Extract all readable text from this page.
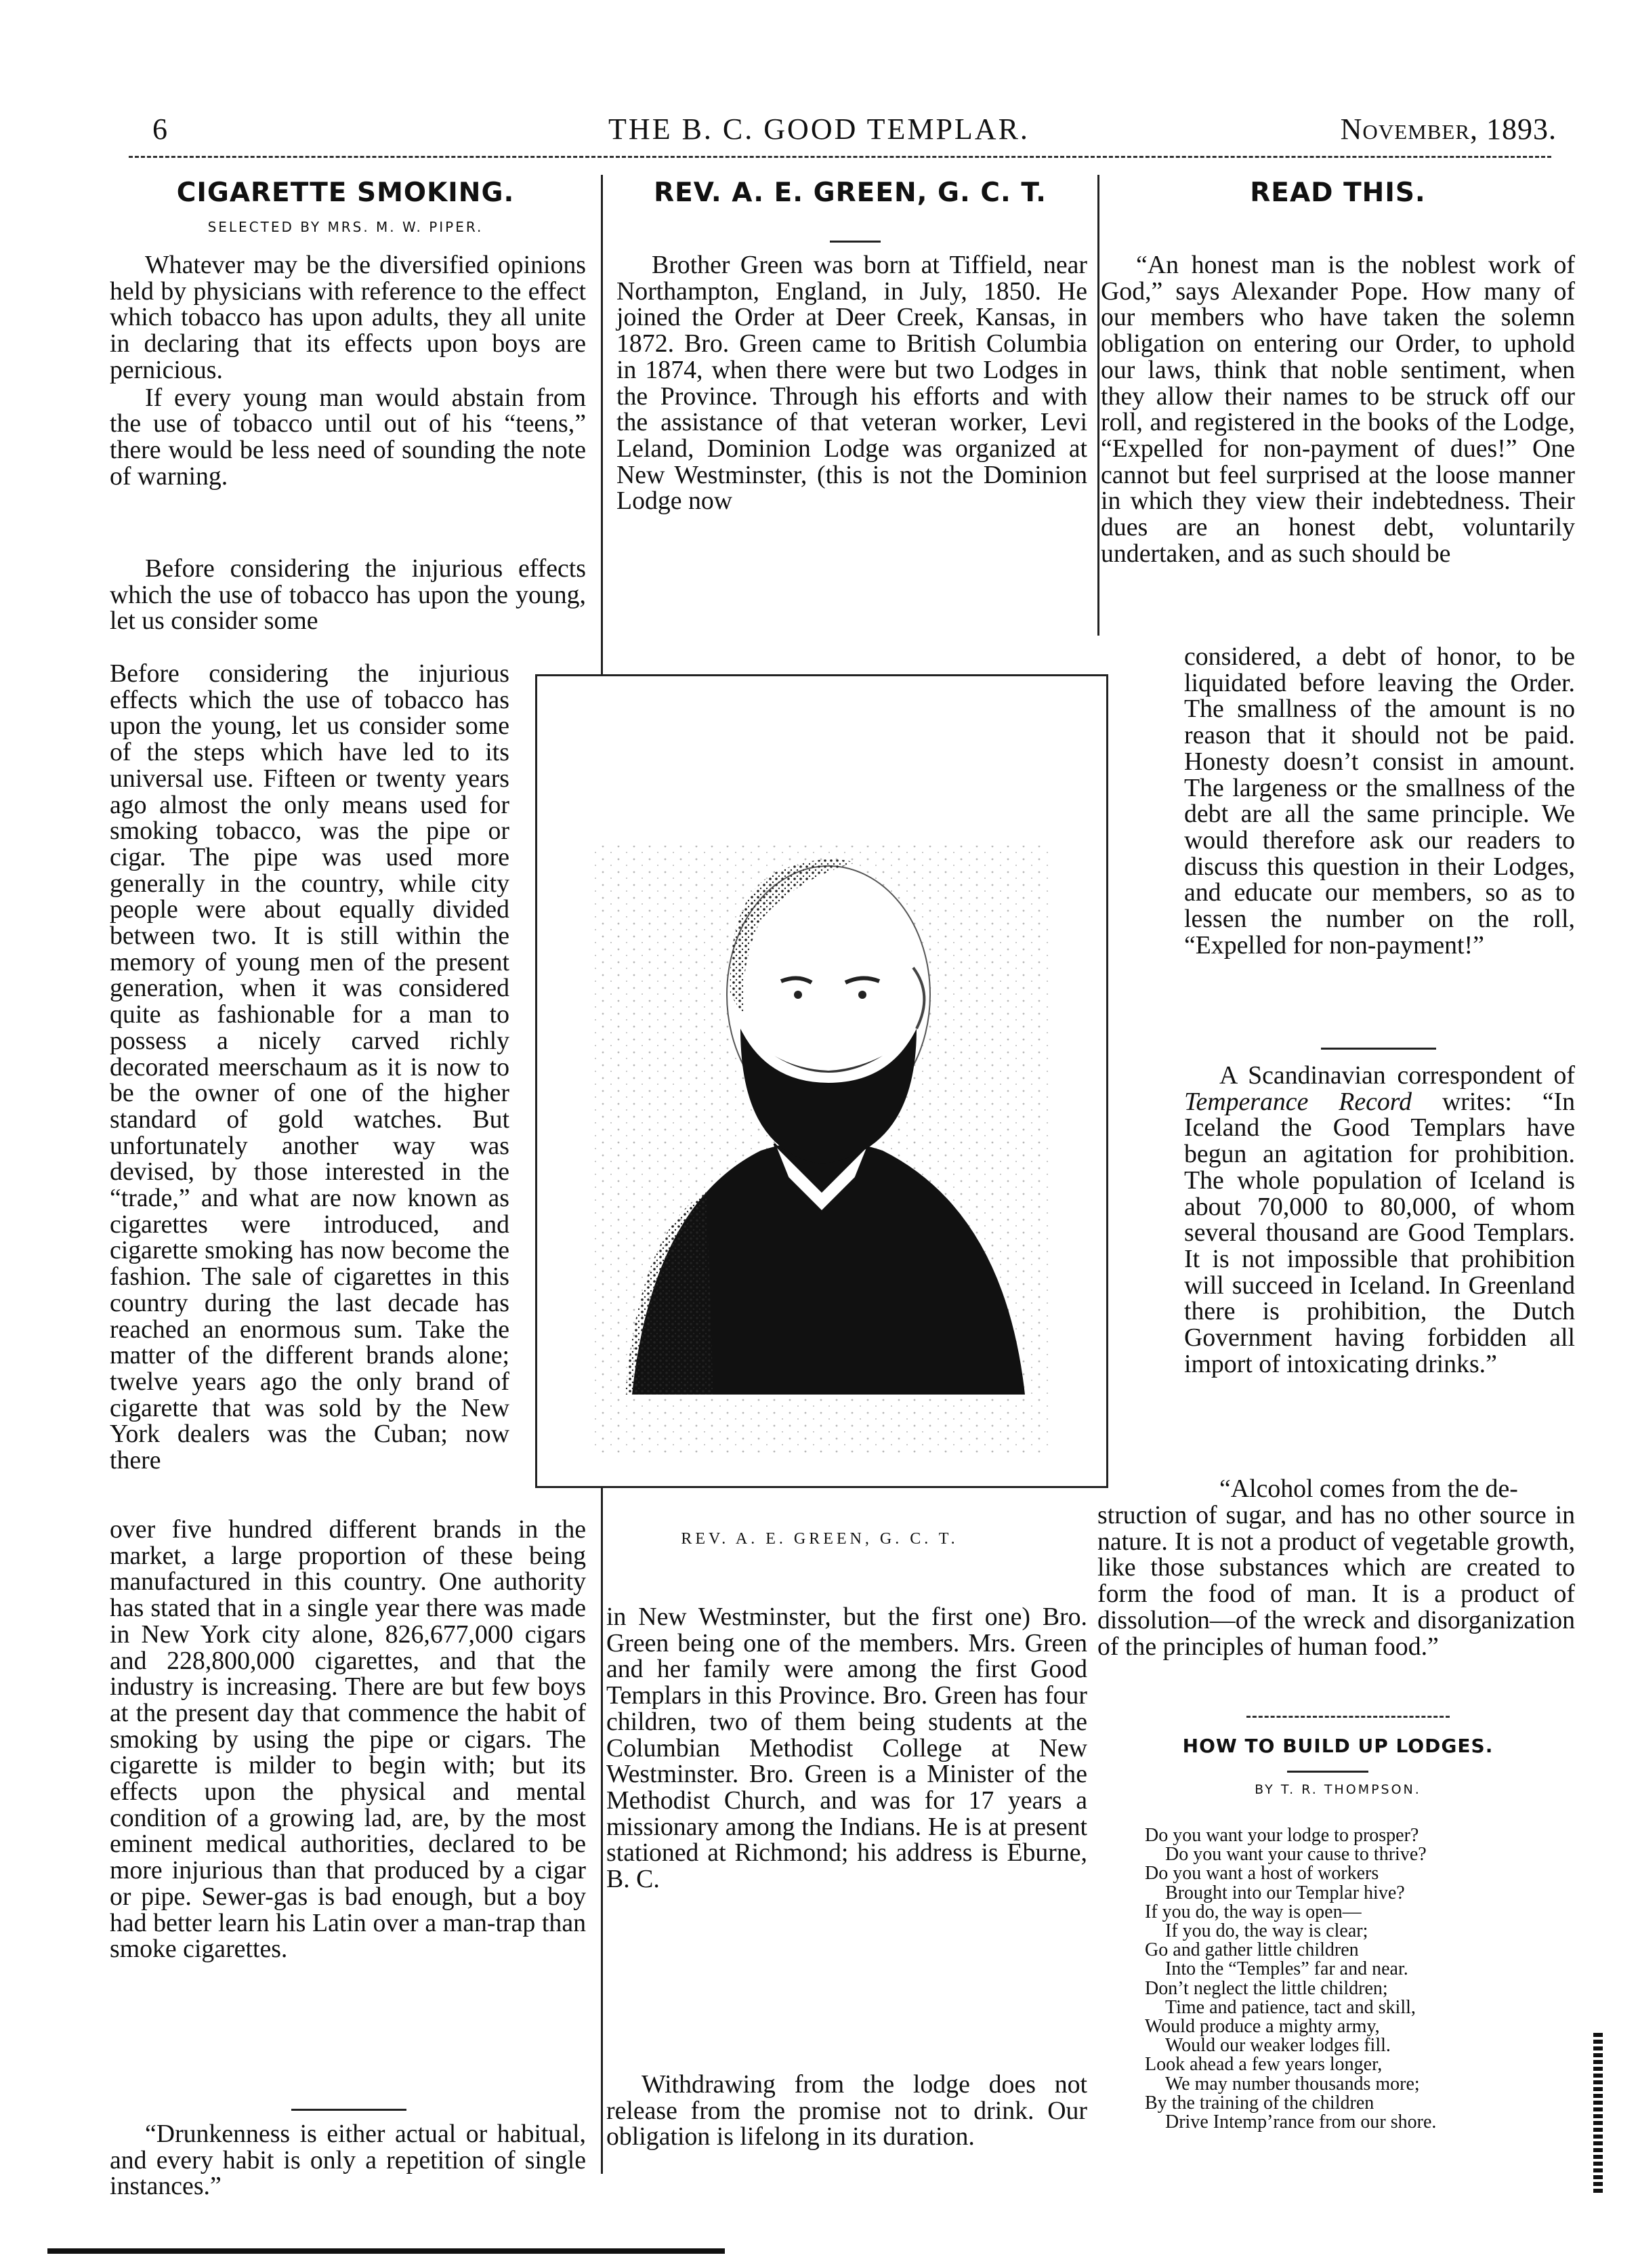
6	THE B. C. GOOD TEMPLAR.	November, 1893.
CIGARETTE SMOKING.
SELECTED BY MRS. M. W. PIPER.
Whatever may be the diversified opinions held by physicians with reference to the effect which tobacco has upon adults, they all unite in declaring that its effects upon boys are pernicious.
If every young man would abstain from the use of tobacco until out of his “teens,” there would be less need of sounding the note of warning.
Before considering the injurious effects which the use of tobacco has upon the young, let us consider some
Before considering the injurious effects which the use of tobacco has upon the young, let us consider some of the steps which have led to its universal use. Fifteen or twenty years ago almost the only means used for smoking tobacco, was the pipe or cigar. The pipe was used more generally in the country, while city people were about equally divided between two. It is still within the memory of young men of the present generation, when it was considered quite as fashionable for a man to possess a nicely carved richly decorated meerschaum as it is now to be the owner of one of the higher standard of gold watches. But unfortunately another way was devised, by those interested in the “trade,” and what are now known as cigarettes were introduced, and cigarette smoking has now become the fashion. The sale of cigarettes in this country during the last decade has reached an enormous sum. Take the matter of the different brands alone; twelve years ago the only brand of cigarette that was sold by the New York dealers was the Cuban; now there
over five hundred different brands in the market, a large proportion of these being manufactured in this country. One authority has stated that in a single year there was made in New York city alone, 826,677,000 cigars and 228,800,000 cigarettes, and that the industry is increasing. There are but few boys at the present day that commence the habit of smoking by using the pipe or cigars. The cigarette is milder to begin with; but its effects upon the physical and mental condition of a growing lad, are, by the most eminent medical authorities, declared to be more injurious than that produced by a cigar or pipe. Sewer-gas is bad enough, but a boy had better learn his Latin over a man-trap than smoke cigarettes.
“Drunkenness is either actual or habitual, and every habit is only a repetition of single instances.”
REV. A. E. GREEN, G. C. T.
Brother Green was born at Tiffield, near Northampton, England, in July, 1850. He joined the Order at Deer Creek, Kansas, in 1872. Bro. Green came to British Columbia in 1874, when there were but two Lodges in the Province. Through his efforts and with the assistance of that veteran worker, Levi Leland, Dominion Lodge was organized at New Westminster, (this is not the Dominion Lodge now
REV. A. E. GREEN, G. C. T.
in New Westminster, but the first one) Bro. Green being one of the members. Mrs. Green and her family were among the first Good Templars in this Province. Bro. Green has four children, two of them being students at the Columbian Methodist College at New Westminster. Bro. Green is a Minister of the Methodist Church, and was for 17 years a missionary among the Indians. He is at present stationed at Richmond; his address is Eburne, B. C.
Withdrawing from the lodge does not release from the promise not to drink. Our obligation is lifelong in its duration.
READ THIS.
“An honest man is the noblest work of God,” says Alexander Pope. How many of our members who have taken the solemn obligation on entering our Order, to uphold our laws, think that noble sentiment, when they allow their names to be struck off our roll, and registered in the books of the Lodge, “Expelled for non-payment of dues!” One cannot but feel surprised at the loose manner in which they view their indebtedness. Their dues are an honest debt, voluntarily undertaken, and as such should be
considered, a debt of honor, to be liquidated before leaving the Order. The smallness of the amount is no reason that it should not be paid. Honesty doesn’t consist in amount. The largeness or the smallness of the debt are all the same principle. We would therefore ask our readers to discuss this question in their Lodges, and educate our members, so as to lessen the number on the roll, “Expelled for non-payment!”
A Scandinavian correspondent of Temperance Record writes: “In Iceland the Good Templars have begun an agitation for prohibition. The whole population of Iceland is about 70,000 to 80,000, of whom several thousand are Good Templars. It is not impossible that prohibition will succeed in Iceland. In Greenland there is prohibition, the Dutch Government having forbidden all import of intoxicating drinks.”
“Alcohol comes from the de-
struction of sugar, and has no other source in nature. It is not a product of vegetable growth, like those substances which are created to form the food of man. It is a product of dissolution—of the wreck and disorganization of the principles of human food.”
HOW TO BUILD UP LODGES.
BY T. R. THOMPSON.
Do you want your lodge to prosper?
Do you want your cause to thrive?
Do you want a host of workers
Brought into our Templar hive?
If you do, the way is open—
If you do, the way is clear;
Go and gather little children
Into the “Temples” far and near.
Don’t neglect the little children;
Time and patience, tact and skill,
Would produce a mighty army,
Would our weaker lodges fill.
Look ahead a few years longer,
We may number thousands more;
By the training of the children
Drive Intemp’rance from our shore.
